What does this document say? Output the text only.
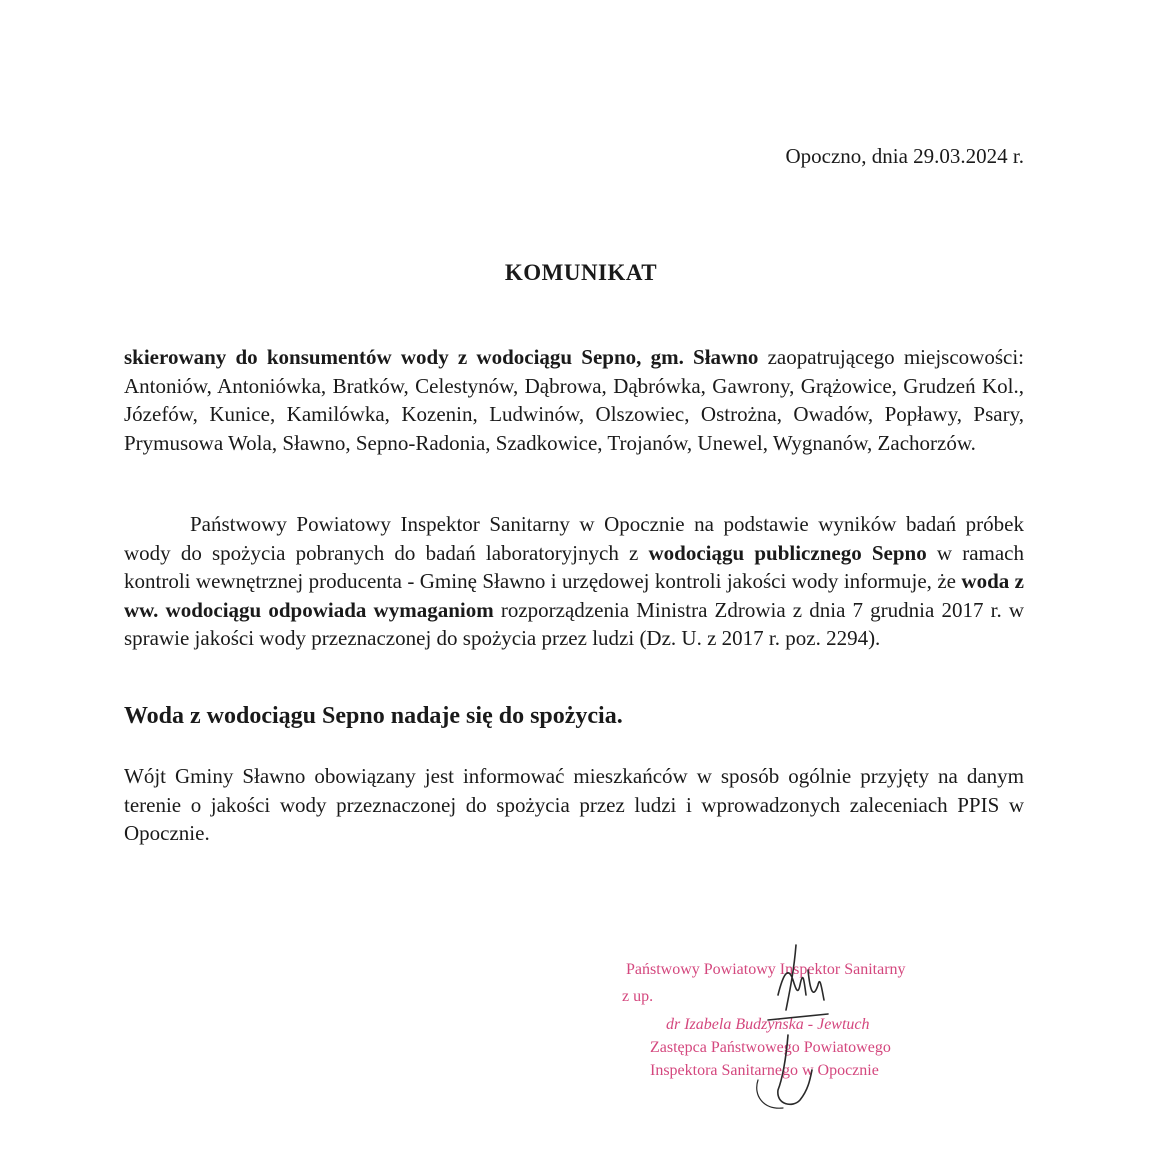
Opoczno, dnia 29.03.2024 r.
KOMUNIKAT
skierowany do konsumentów wody z wodociągu Sepno, gm. Sławno zaopatrującego miejscowości: Antoniów, Antoniówka, Bratków, Celestynów, Dąbrowa, Dąbrówka, Gawrony, Grążowice, Grudzeń Kol., Józefów, Kunice, Kamilówka, Kozenin, Ludwinów, Olszowiec, Ostrożna, Owadów, Popławy, Psary, Prymusowa Wola, Sławno, Sepno-Radonia, Szadkowice, Trojanów, Unewel, Wygnanów, Zachorzów.
Państwowy Powiatowy Inspektor Sanitarny w Opocznie na podstawie wyników badań próbek wody do spożycia pobranych do badań laboratoryjnych z wodociągu publicznego Sepno w ramach kontroli wewnętrznej producenta - Gminę Sławno i urzędowej kontroli jakości wody informuje, że woda z ww. wodociągu odpowiada wymaganiom rozporządzenia Ministra Zdrowia z dnia 7 grudnia 2017 r. w sprawie jakości wody przeznaczonej do spożycia przez ludzi (Dz. U. z 2017 r. poz. 2294).
Woda z wodociągu Sepno nadaje się do spożycia.
Wójt Gminy Sławno obowiązany jest informować mieszkańców w sposób ogólnie przyjęty na danym terenie o jakości wody przeznaczonej do spożycia przez ludzi i wprowadzonych zaleceniach PPIS w Opocznie.
Państwowy Powiatowy Inspektor Sanitarny
z up.
dr Izabela Budzyńska - Jewtuch
Zastępca Państwowego Powiatowego
Inspektora Sanitarnego w Opocznie
